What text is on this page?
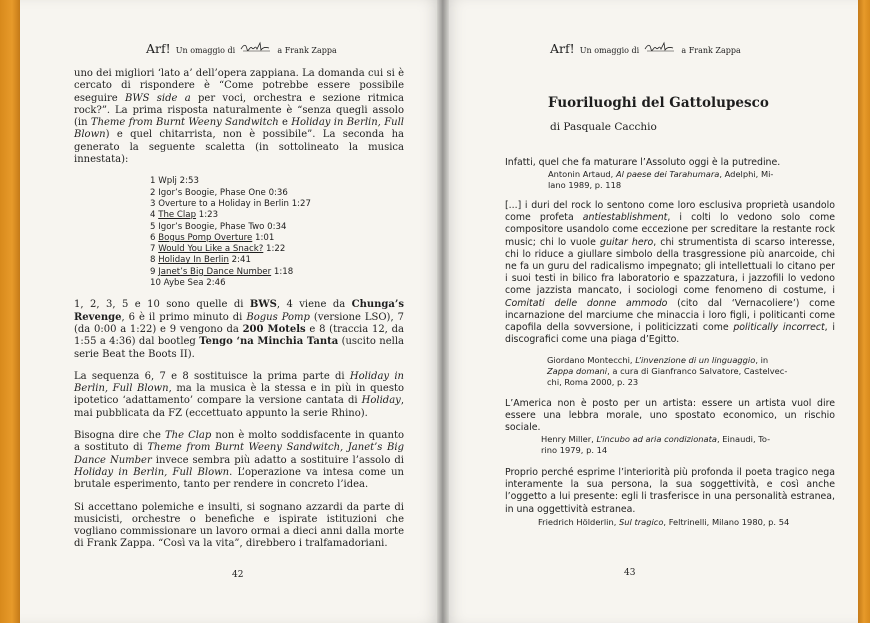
Arf! Un omaggio di	a Frank Zappa

uno dei migliori ‘lato a’ dell’opera zappiana. La domanda cui si è cercato di rispondere è “Come potrebbe essere possibile eseguire BWS side a per voci, orchestra e sezione ritmica rock?”. La prima risposta naturalmente è “senza quegli assolo (in Theme from Burnt Weeny Sandwitch e Holiday in Berlin, Full Blown) e quel chitarrista, non è possibile”. La seconda ha generato la seguente scaletta (in sottolineato la musica innestata):

1 Wplj 2:53
2 Igor’s Boogie, Phase One 0:36
3 Overture to a Holiday in Berlin 1:27
4 The Clap 1:23
5 Igor’s Boogie, Phase Two 0:34
6 Bogus Pomp Overture 1:01
7 Would You Like a Snack? 1:22
8 Holiday In Berlin 2:41
9 Janet’s Big Dance Number 1:18
10 Aybe Sea 2:46

1, 2, 3, 5 e 10 sono quelle di BWS, 4 viene da Chunga’s Revenge, 6 è il primo minuto di Bogus Pomp (versione LSO), 7 (da 0:00 a 1:22) e 9 vengono da 200 Motels e 8 (traccia 12, da 1:55 a 4:36) dal bootleg Tengo ‘na Minchia Tanta (uscito nella serie Beat the Boots II).

La sequenza 6, 7 e 8 sostituisce la prima parte di Holiday in Berlin, Full Blown, ma la musica è la stessa e in più in questo ipotetico ‘adattamento’ compare la versione cantata di Holiday, mai pubblicata da FZ (eccettuato appunto la serie Rhino).

Bisogna dire che The Clap non è molto soddisfacente in quanto a sostituto di Theme from Burnt Weeny Sandwitch, Janet’s Big Dance Number invece sembra più adatto a sostituire l’assolo di Holiday in Berlin, Full Blown. L’operazione va intesa come un brutale esperimento, tanto per rendere in concreto l’idea.

Si accettano polemiche e insulti, si sognano azzardi da parte di musicisti, orchestre o benefiche e ispirate istituzioni che vogliano commissionare un lavoro ormai a dieci anni dalla morte di Frank Zappa. “Così va la vita”, direbbero i tralfamadoriani.

42
Arf! Un omaggio di	a Frank Zappa
Fuoriluoghi del Gattolupesco
di Pasquale Cacchio
Infatti, quel che fa maturare l’Assoluto oggi è la putredine.
Antonin Artaud, Al paese dei Tarahumara, Adelphi, Mi-
lano 1989, p. 118
[...] i duri del rock lo sentono come loro esclusiva proprietà usandolo come profeta antiestablishment, i colti lo vedono solo come compositore usandolo come eccezione per screditare la restante rock music; chi lo vuole guitar hero, chi strumentista di scarso interesse, chi lo riduce a giullare simbolo della trasgressione più anarcoide, chi ne fa un guru del radicalismo impegnato; gli intellettuali lo citano per i suoi testi in bilico fra laboratorio e spazzatura, i jazzofili lo vedono come jazzista mancato, i sociologi come fenomeno di costume, i Comitati delle donne ammodo (cito dal ‘Vernacoliere’) come incarnazione del marciume che minaccia i loro figli, i politicanti come capofila della sovversione, i politicizzati come politically incorrect, i discografici come una piaga d’Egitto.
Giordano Montecchi, L’invenzione di un linguaggio, in
Zappa domani, a cura di Gianfranco Salvatore, Castelvec-
chi, Roma 2000, p. 23
L’America non è posto per un artista: essere un artista vuol dire essere una lebbra morale, uno spostato economico, un rischio sociale.
Henry Miller, L’incubo ad aria condizionata, Einaudi, To-
rino 1979, p. 14
Proprio perché esprime l’interiorità più profonda il poeta tragico nega interamente la sua persona, la sua soggettività, e così anche l’oggetto a lui presente: egli li trasferisce in una personalità estranea, in una oggettività estranea.
Friedrich Hölderlin, Sul tragico, Feltrinelli, Milano 1980, p. 54
43
